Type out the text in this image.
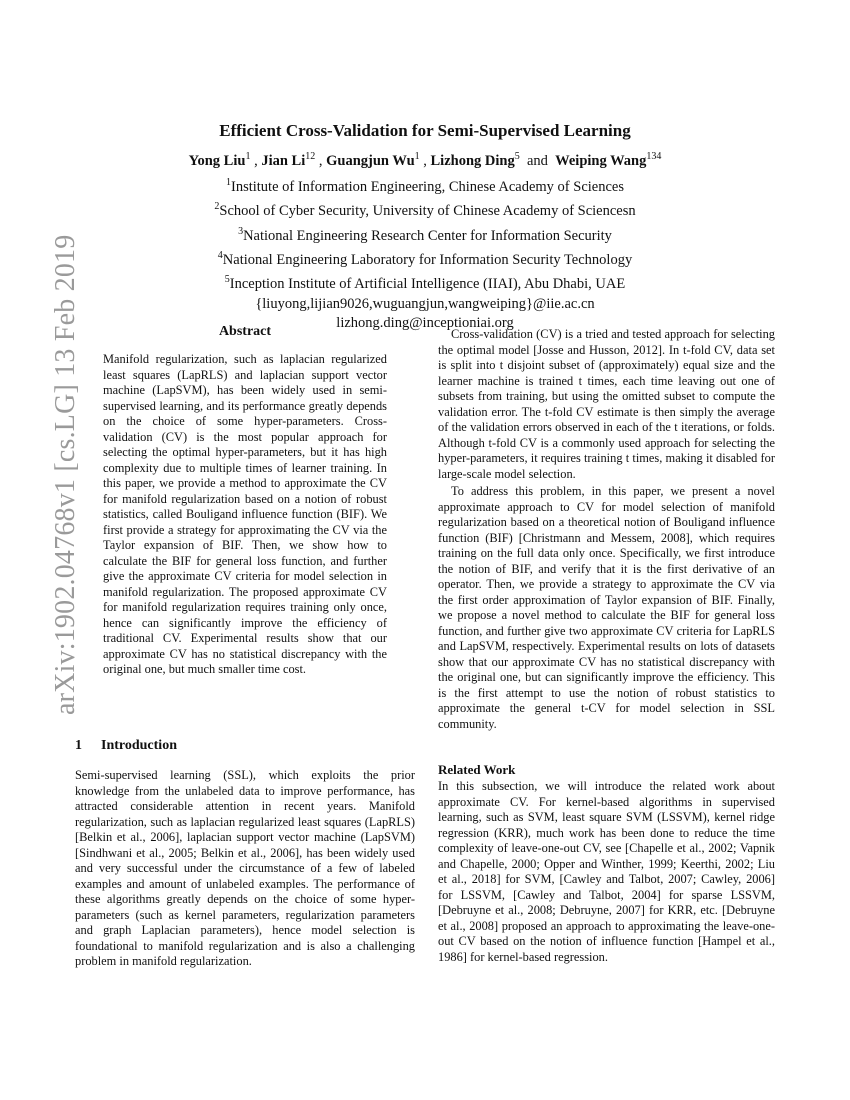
arXiv:1902.04768v1 [cs.LG] 13 Feb 2019
Efficient Cross-Validation for Semi-Supervised Learning
Yong Liu$^1$ , Jian Li$^{12}$ , Guangjun Wu$^1$ , Lizhong Ding$^5$ and Weiping Wang$^{134}$
$^1$Institute of Information Engineering, Chinese Academy of Sciences
$^2$School of Cyber Security, University of Chinese Academy of Sciencesn
$^3$National Engineering Research Center for Information Security
$^4$National Engineering Laboratory for Information Security Technology
$^5$Inception Institute of Artificial Intelligence (IIAI), Abu Dhabi, UAE
{liuyong,lijian9026,wuguangjun,wangweiping}@iie.ac.cn
lizhong.ding@inceptioniai.org
Abstract

Manifold regularization, such as laplacian regularized least squares (LapRLS) and laplacian support vector machine (LapSVM), has been widely used in semi-supervised learning, and its performance greatly depends on the choice of some hyper-parameters. Cross-validation (CV) is the most popular approach for selecting the optimal hyper-parameters, but it has high complexity due to multiple times of learner training. In this paper, we provide a method to approximate the CV for manifold regularization based on a notion of robust statistics, called Bouligand influence function (BIF). We first provide a strategy for approximating the CV via the Taylor expansion of BIF. Then, we show how to calculate the BIF for general loss function, and further give the approximate CV criteria for model selection in manifold regularization. The proposed approximate CV for manifold regularization requires training only once, hence can significantly improve the efficiency of traditional CV. Experimental results show that our approximate CV has no statistical discrepancy with the original one, but much smaller time cost.

1 Introduction

Semi-supervised learning (SSL), which exploits the prior knowledge from the unlabeled data to improve performance, has attracted considerable attention in recent years. Manifold regularization, such as laplacian regularized least squares (LapRLS) [Belkin et al., 2006], laplacian support vector machine (LapSVM) [Sindhwani et al., 2005; Belkin et al., 2006], has been widely used and very successful under the circumstance of a few of labeled examples and amount of unlabeled examples. The performance of these algorithms greatly depends on the choice of some hyper-parameters (such as kernel parameters, regularization parameters and graph Laplacian parameters), hence model selection is foundational to manifold regularization and is also a challenging problem in manifold regularization.

Cross-validation (CV) is a tried and tested approach for selecting the optimal model [Josse and Husson, 2012]. In t-fold CV, data set is split into t disjoint subset of (approximately) equal size and the learner machine is trained t times, each time leaving out one of subsets from training, but using the omitted subset to compute the validation error. The t-fold CV estimate is then simply the average of the validation errors observed in each of the t iterations, or folds. Although t-fold CV is a commonly used approach for selecting the hyper-parameters, it requires training t times, making it disabled for large-scale model selection.

To address this problem, in this paper, we present a novel approximate approach to CV for model selection of manifold regularization based on a theoretical notion of Bouligand influence function (BIF) [Christmann and Messem, 2008], which requires training on the full data only once. Specifically, we first introduce the notion of BIF, and verify that it is the first derivative of an operator. Then, we provide a strategy to approximate the CV via the first order approximation of Taylor expansion of BIF. Finally, we propose a novel method to calculate the BIF for general loss function, and further give two approximate CV criteria for LapRLS and LapSVM, respectively. Experimental results on lots of datasets show that our approximate CV has no statistical discrepancy with the original one, but can significantly improve the efficiency. This is the first attempt to use the notion of robust statistics to approximate the general t-CV for model selection in SSL community.

Related Work

In this subsection, we will introduce the related work about approximate CV. For kernel-based algorithms in supervised learning, such as SVM, least square SVM (LSSVM), kernel ridge regression (KRR), much work has been done to reduce the time complexity of leave-one-out CV, see [Chapelle et al., 2002; Vapnik and Chapelle, 2000; Opper and Winther, 1999; Keerthi, 2002; Liu et al., 2018] for SVM, [Cawley and Talbot, 2007; Cawley, 2006] for LSSVM, [Cawley and Talbot, 2004] for sparse LSSVM, [Debruyne et al., 2008; Debruyne, 2007] for KRR, etc. [Debruyne et al., 2008] proposed an approach to approximating the leave-one-out CV based on the notion of influence function [Hampel et al., 1986] for kernel-based regression.
